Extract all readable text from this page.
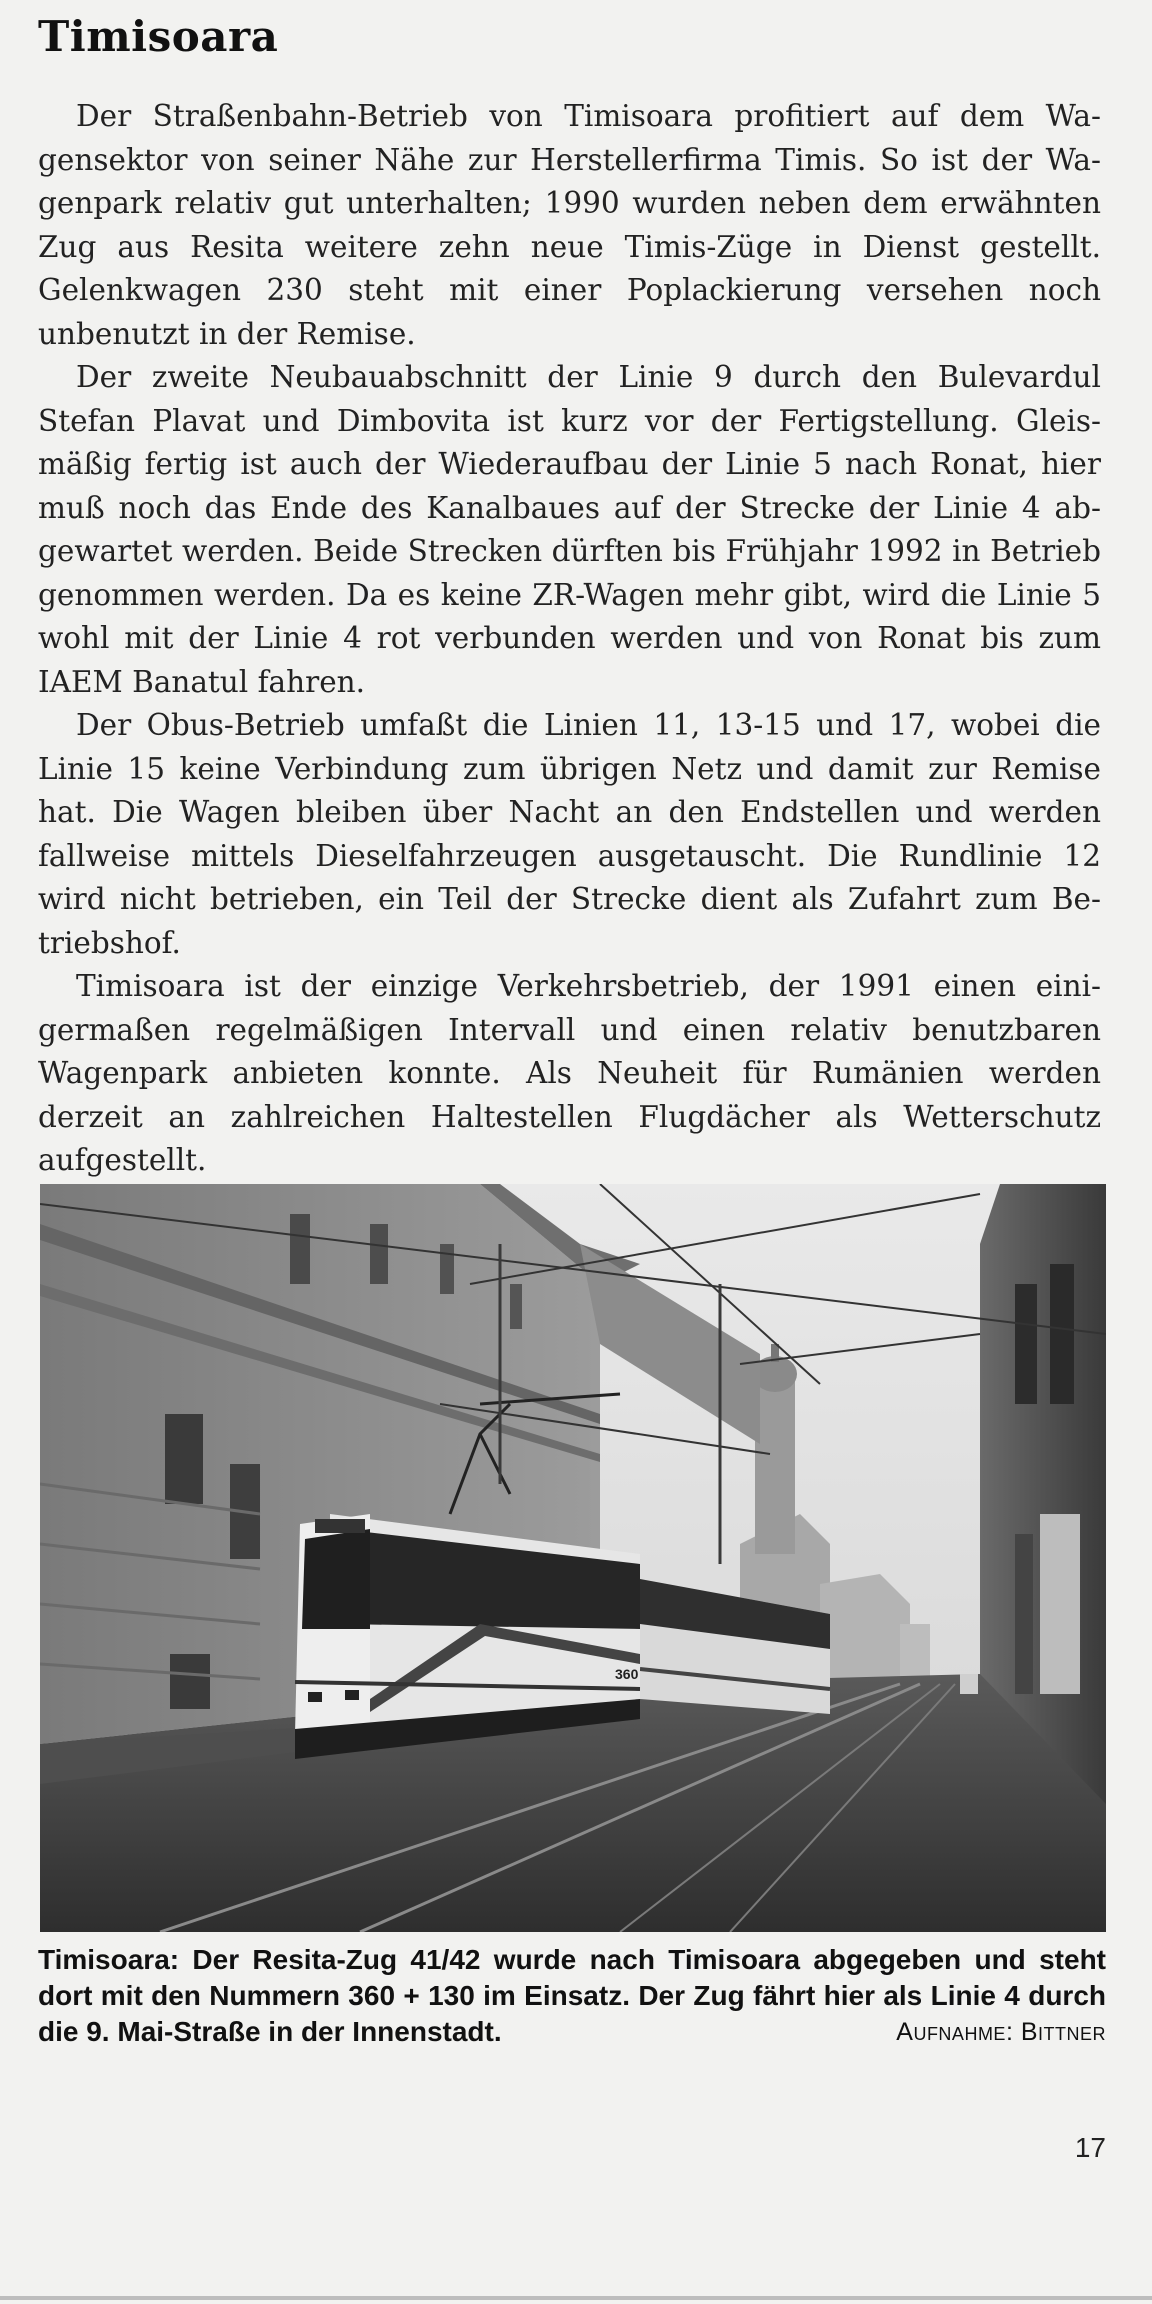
Timisoara

Der Straßenbahn-Betrieb von Timisoara profitiert auf dem Wagensektor von seiner Nähe zur Herstellerfirma Timis. So ist der Wagenpark relativ gut unterhalten; 1990 wurden neben dem erwähnten Zug aus Resita weitere zehn neue Timis-Züge in Dienst gestellt. Gelenkwagen 230 steht mit einer Poplackierung versehen noch unbenutzt in der Remise.

Der zweite Neubauabschnitt der Linie 9 durch den Bulevardul Stefan Plavat und Dimbovita ist kurz vor der Fertigstellung. Gleismäßig fertig ist auch der Wiederaufbau der Linie 5 nach Ronat, hier muß noch das Ende des Kanalbaues auf der Strecke der Linie 4 abgewartet werden. Beide Strecken dürften bis Frühjahr 1992 in Betrieb genommen werden. Da es keine ZR-Wagen mehr gibt, wird die Linie 5 wohl mit der Linie 4 rot verbunden werden und von Ronat bis zum IAEM Banatul fahren.

Der Obus-Betrieb umfaßt die Linien 11, 13-15 und 17, wobei die Linie 15 keine Verbindung zum übrigen Netz und damit zur Remise hat. Die Wagen bleiben über Nacht an den Endstellen und werden fallweise mittels Dieselfahrzeugen ausgetauscht. Die Rundlinie 12 wird nicht betrieben, ein Teil der Strecke dient als Zufahrt zum Betriebshof.

Timisoara ist der einzige Verkehrsbetrieb, der 1991 einen einigermaßen regelmäßigen Intervall und einen relativ benutzbaren Wagenpark anbieten konnte. Als Neuheit für Rumänien werden derzeit an zahlreichen Haltestellen Flugdächer als Wetterschutz aufgestellt.

360
Timisoara: Der Resita-Zug 41/42 wurde nach Timisoara abgegeben und steht dort mit den Nummern 360 + 130 im Einsatz. Der Zug fährt hier als Linie 4 durch die 9. Mai-Straße in der Innenstadt.	Aufnahme: Bittner
17
